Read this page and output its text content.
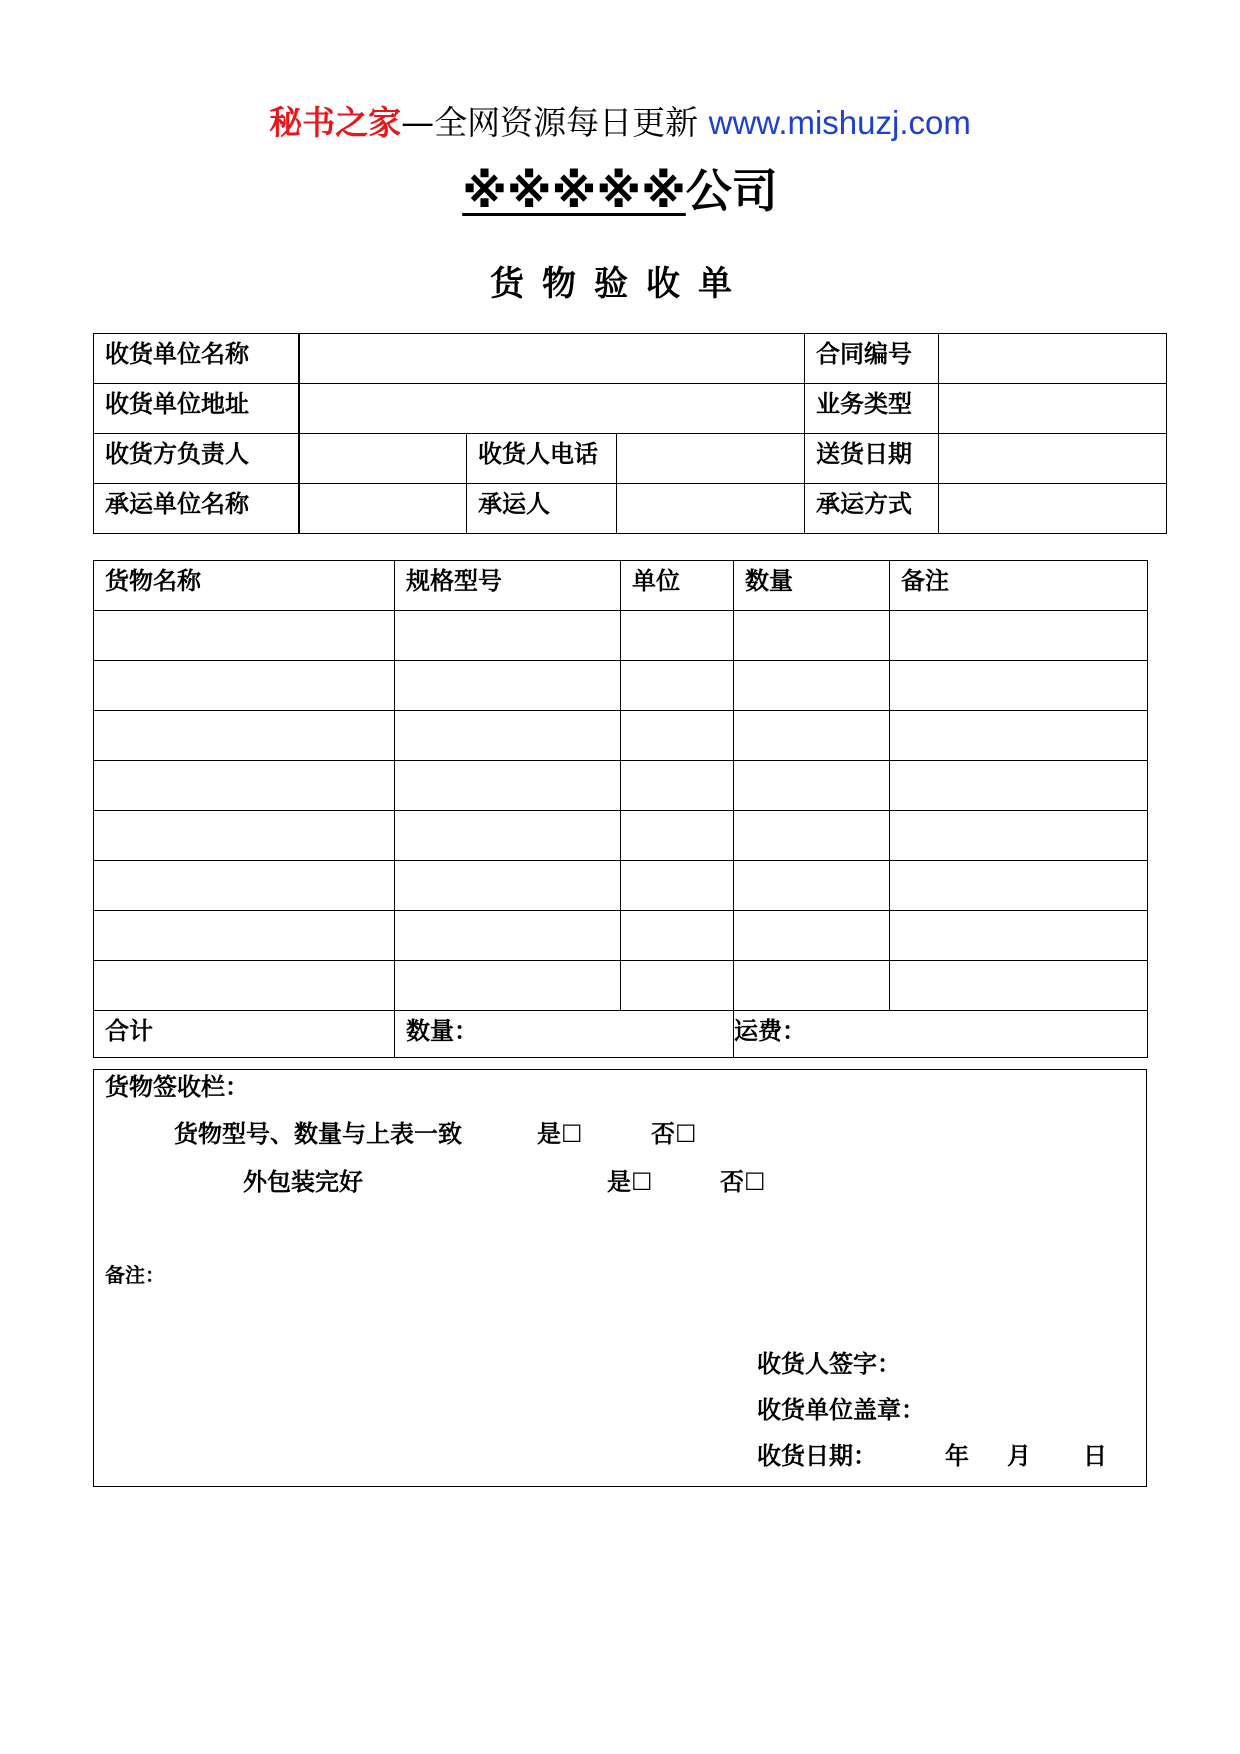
秘书之家—全网资源每日更新 www.mishuzj.com
※※※※※公司
货物验收单
收货单位名称				合同编号	
收货单位地址				业务类型	
收货方负责人		收货人电话		送货日期	
承运单位名称		承运人		承运方式	
货物名称	规格型号	单位	数量	备注

合计	数量：		运费：	
货物签收栏：
货物型号、数量与上表一致	是☐	否☐
外包装完好	是☐	否☐
备注：
收货人签字：
收货单位盖章：
收货日期：	年 月 日
